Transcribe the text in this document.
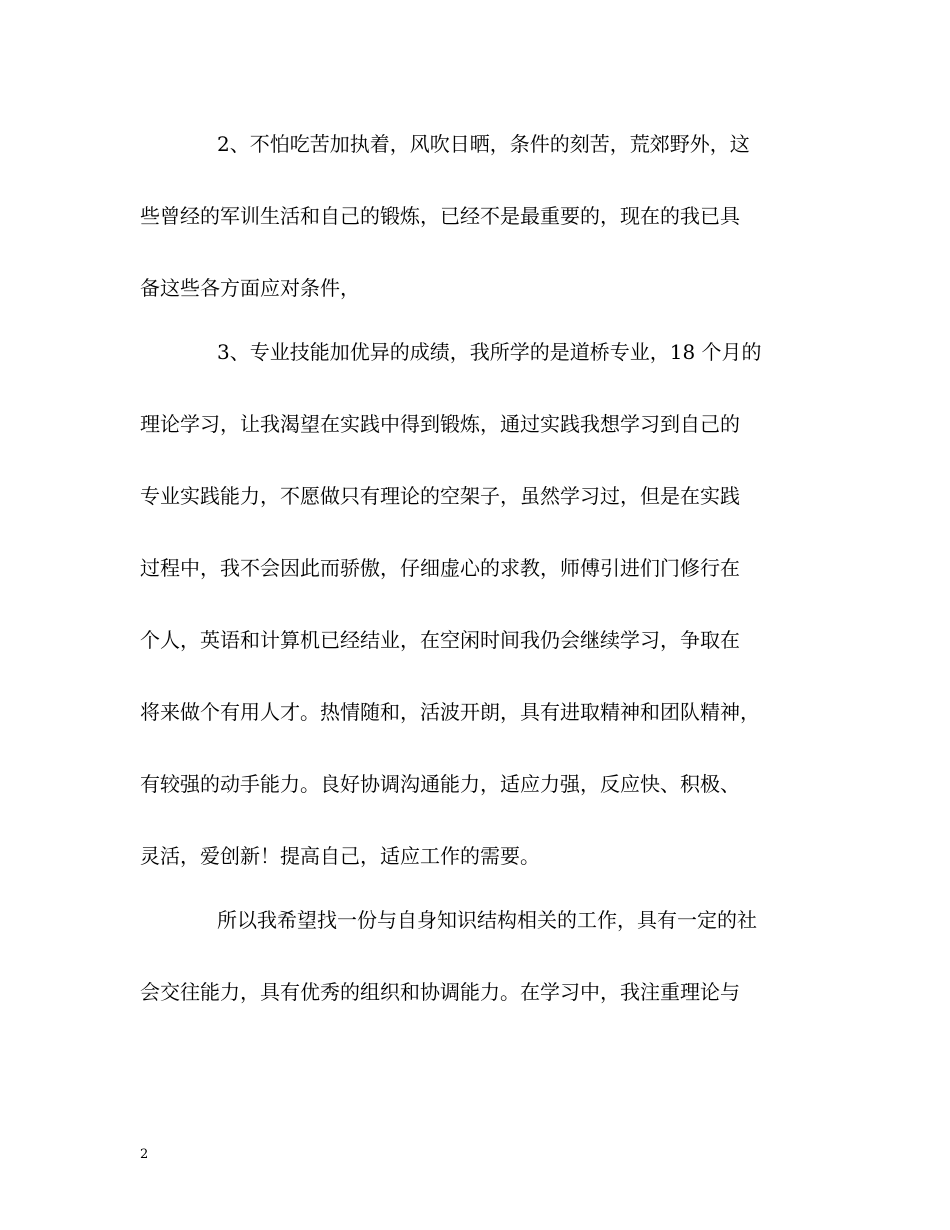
2、不怕吃苦加执着，风吹日晒，条件的刻苦，荒郊野外，这
些曾经的军训生活和自己的锻炼，已经不是最重要的，现在的我已具
备这些各方面应对条件，
3、专业技能加优异的成绩，我所学的是道桥专业，18 个月的
理论学习，让我渴望在实践中得到锻炼，通过实践我想学习到自己的
专业实践能力，不愿做只有理论的空架子，虽然学习过，但是在实践
过程中，我不会因此而骄傲，仔细虚心的求教，师傅引进们门修行在
个人，英语和计算机已经结业，在空闲时间我仍会继续学习，争取在
将来做个有用人才。热情随和，活波开朗，具有进取精神和团队精神，
有较强的动手能力。良好协调沟通能力，适应力强，反应快、积极、
灵活，爱创新！提高自己，适应工作的需要。
所以我希望找一份与自身知识结构相关的工作，具有一定的社
会交往能力，具有优秀的组织和协调能力。在学习中，我注重理论与
2
